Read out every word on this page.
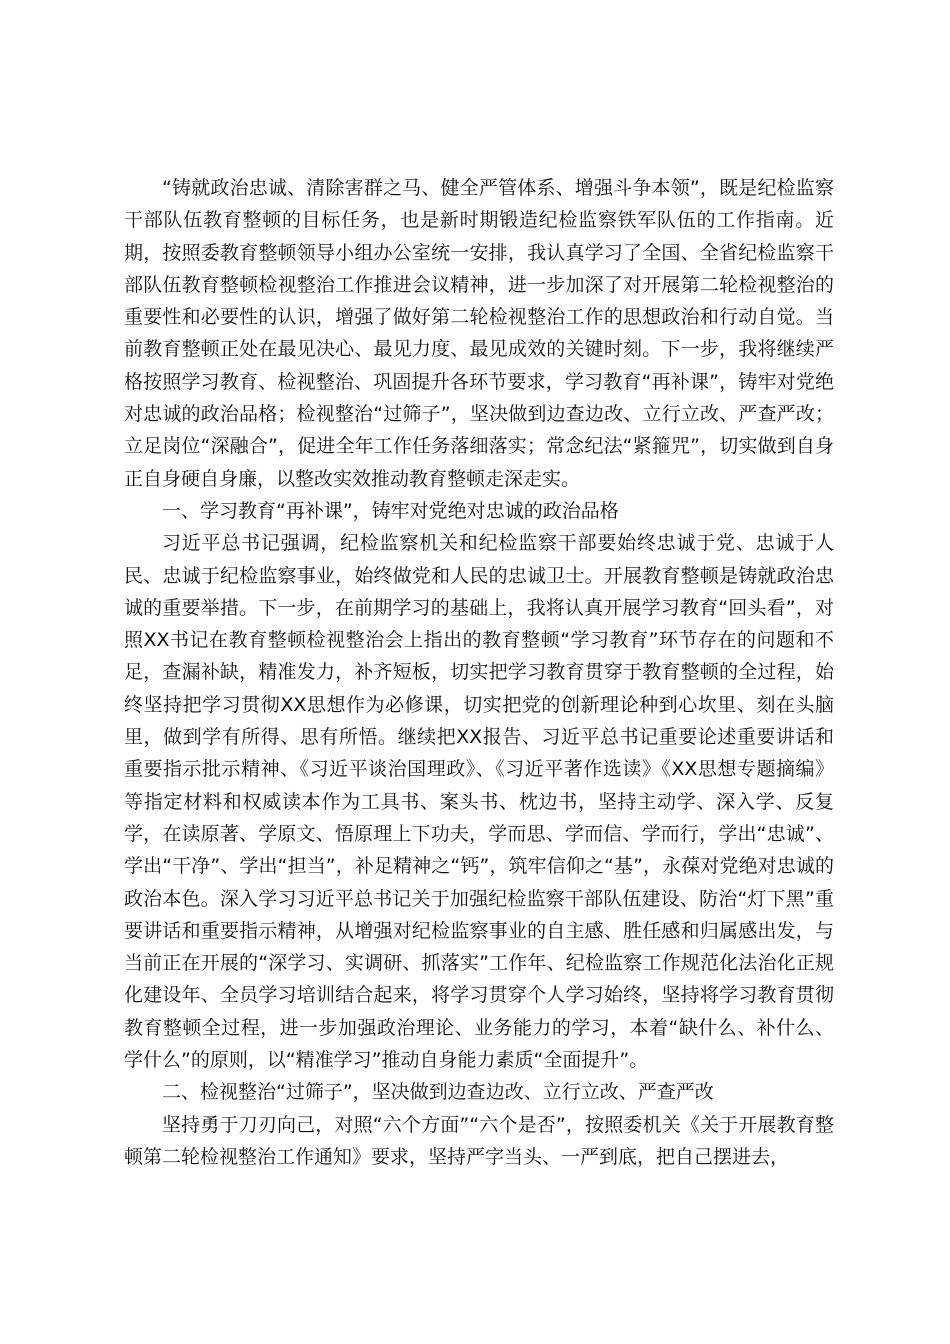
“铸就政治忠诚、清除害群之马、健全严管体系、增强斗争本领”，既是纪检监察干部队伍教育整顿的目标任务，也是新时期锻造纪检监察铁军队伍的工作指南。近期，按照委教育整顿领导小组办公室统一安排，我认真学习了全国、全省纪检监察干部队伍教育整顿检视整治工作推进会议精神，进一步加深了对开展第二轮检视整治的重要性和必要性的认识，增强了做好第二轮检视整治工作的思想政治和行动自觉。当前教育整顿正处在最见决心、最见力度、最见成效的关键时刻。下一步，我将继续严格按照学习教育、检视整治、巩固提升各环节要求，学习教育“再补课”，铸牢对党绝对忠诚的政治品格；检视整治“过筛子”，坚决做到边查边改、立行立改、严查严改；立足岗位“深融合”，促进全年工作任务落细落实；常念纪法“紧箍咒”，切实做到自身正自身硬自身廉，以整改实效推动教育整顿走深走实。

一、学习教育“再补课”，铸牢对党绝对忠诚的政治品格

习近平总书记强调，纪检监察机关和纪检监察干部要始终忠诚于党、忠诚于人民、忠诚于纪检监察事业，始终做党和人民的忠诚卫士。开展教育整顿是铸就政治忠诚的重要举措。下一步，在前期学习的基础上，我将认真开展学习教育“回头看”，对照XX书记在教育整顿检视整治会上指出的教育整顿“学习教育”环节存在的问题和不足，查漏补缺，精准发力，补齐短板，切实把学习教育贯穿于教育整顿的全过程，始终坚持把学习贯彻XX思想作为必修课，切实把党的创新理论种到心坎里、刻在头脑里，做到学有所得、思有所悟。继续把XX报告、习近平总书记重要论述重要讲话和重要指示批示精神、《习近平谈治国理政》、《习近平著作选读》《XX思想专题摘编》等指定材料和权威读本作为工具书、案头书、枕边书，坚持主动学、深入学、反复学，在读原著、学原文、悟原理上下功夫，学而思、学而信、学而行，学出“忠诚”、学出“干净”、学出“担当”，补足精神之“钙”，筑牢信仰之“基”，永葆对党绝对忠诚的政治本色。深入学习习近平总书记关于加强纪检监察干部队伍建设、防治“灯下黑”重要讲话和重要指示精神，从增强对纪检监察事业的自主感、胜任感和归属感出发，与当前正在开展的“深学习、实调研、抓落实”工作年、纪检监察工作规范化法治化正规化建设年、全员学习培训结合起来，将学习贯穿个人学习始终，坚持将学习教育贯彻教育整顿全过程，进一步加强政治理论、业务能力的学习，本着“缺什么、补什么、学什么”的原则，以“精准学习”推动自身能力素质“全面提升”。

二、检视整治“过筛子”，坚决做到边查边改、立行立改、严查严改

坚持勇于刀刃向己，对照“六个方面”“六个是否”，按照委机关《关于开展教育整顿第二轮检视整治工作通知》要求，坚持严字当头、一严到底，把自己摆进去，
